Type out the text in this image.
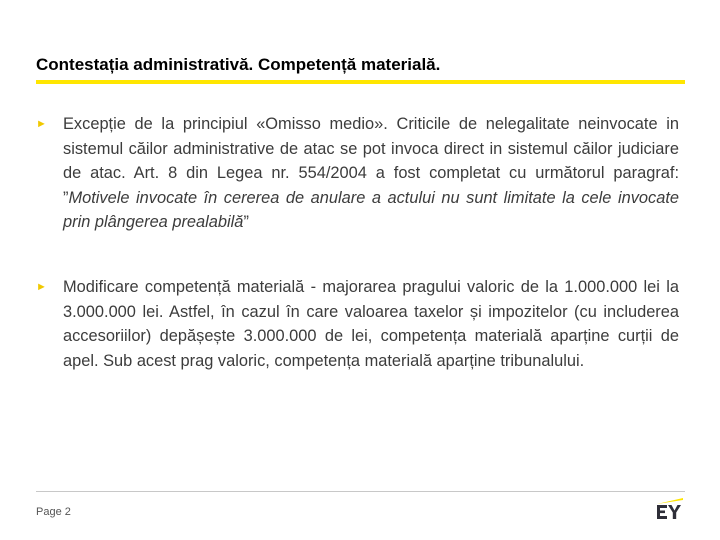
Contestația administrativă. Competență materială.
► Excepție de la principiul «Omisso medio». Criticile de nelegalitate neinvocate in sistemul căilor administrative de atac se pot invoca direct in sistemul căilor judiciare de atac. Art. 8 din Legea nr. 554/2004 a fost completat cu următorul paragraf: ”Motivele invocate în cererea de anulare a actului nu sunt limitate la cele invocate prin plângerea prealabilă”
► Modificare competență materială - majorarea pragului valoric de la 1.000.000 lei la 3.000.000 lei. Astfel, în cazul în care valoarea taxelor și impozitelor (cu includerea accesoriilor) depășește 3.000.000 de lei, competența materială aparține curții de apel. Sub acest prag valoric, competența materială aparține tribunalului.
Page 2
